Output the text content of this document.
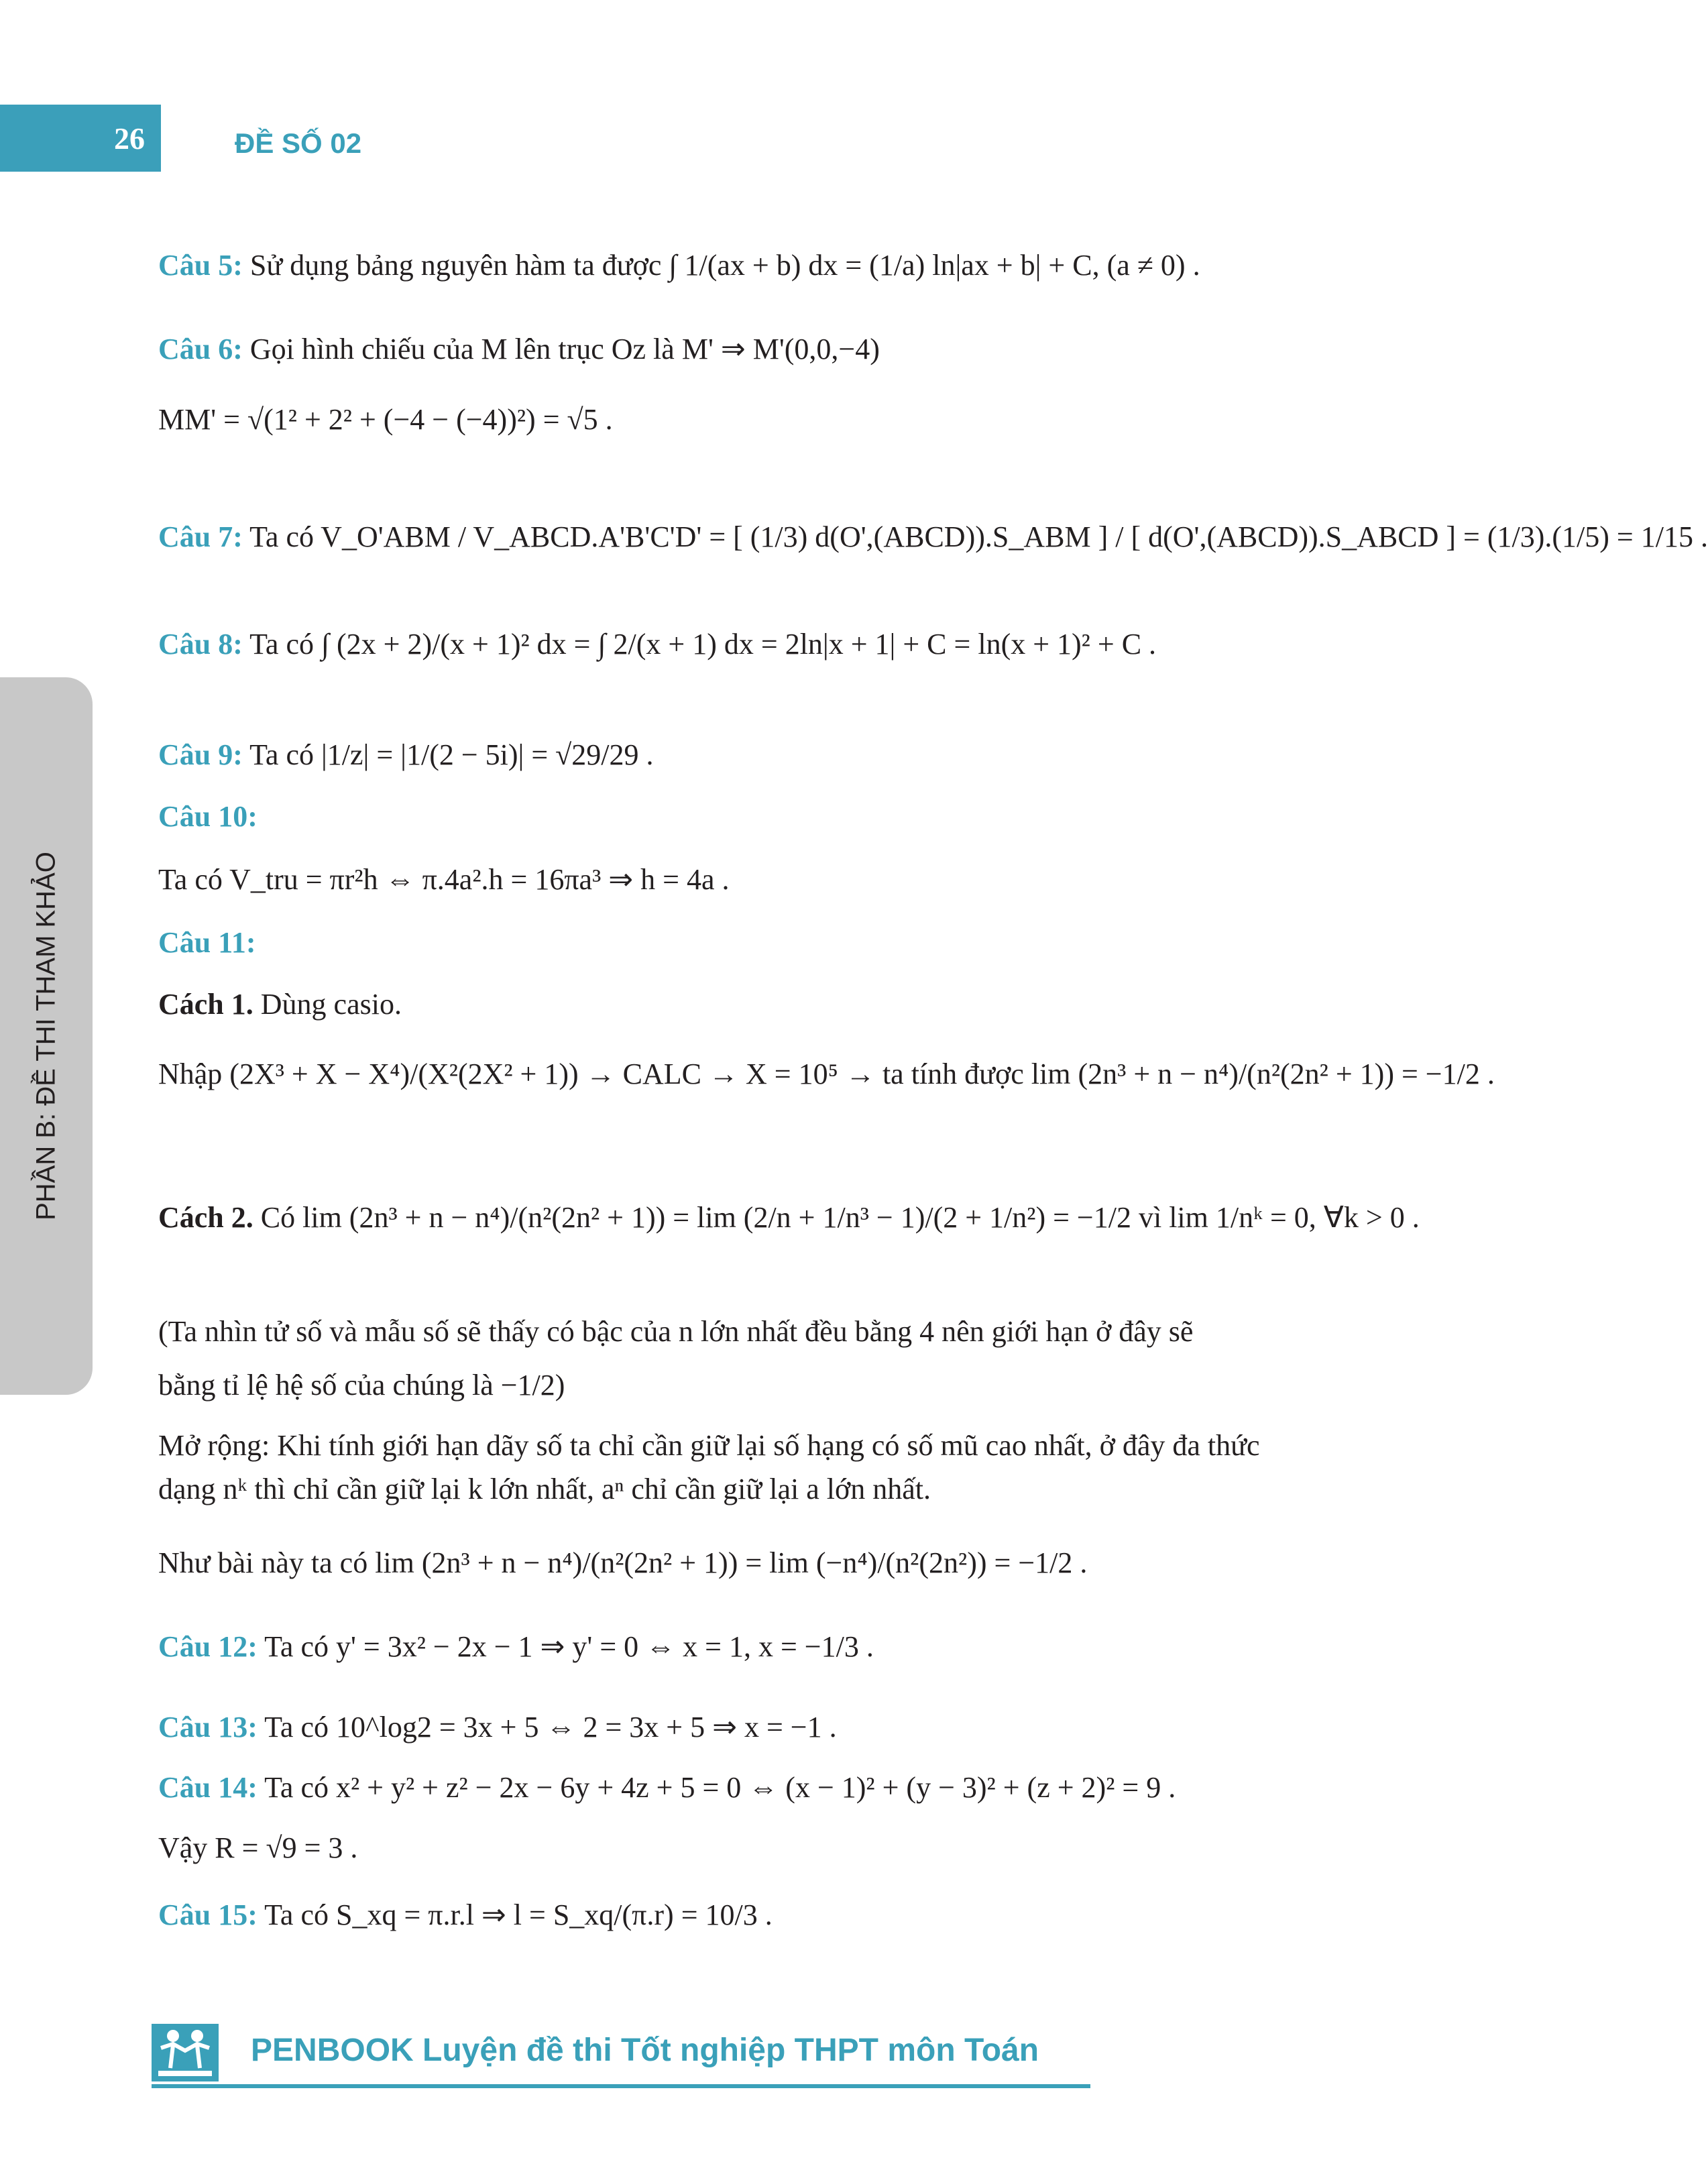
26	ĐỀ SỐ 02
PHẦN B: ĐỀ THI THAM KHẢO
Câu 5: Sử dụng bảng nguyên hàm ta được ∫ 1/(ax + b) dx = (1/a) ln|ax + b| + C, (a ≠ 0) .
Câu 6: Gọi hình chiếu của M lên trục Oz là M' ⇒ M'(0,0,−4)
MM' = √(1² + 2² + (−4 − (−4))²) = √5 .
Câu 7: Ta có V_O'ABM / V_ABCD.A'B'C'D' = [ (1/3) d(O',(ABCD)).S_ABM ] / [ d(O',(ABCD)).S_ABCD ] = (1/3).(1/5) = 1/15 .
Câu 8: Ta có ∫ (2x + 2)/(x + 1)² dx = ∫ 2/(x + 1) dx = 2ln|x + 1| + C = ln(x + 1)² + C .
Câu 9: Ta có |1/z| = |1/(2 − 5i)| = √29/29 .
Câu 10:
Ta có V_tru = πr²h ⇔ π.4a².h = 16πa³ ⇒ h = 4a .
Câu 11:
Cách 1. Dùng casio.
Nhập (2X³ + X − X⁴)/(X²(2X² + 1)) → CALC → X = 10⁵ → ta tính được lim (2n³ + n − n⁴)/(n²(2n² + 1)) = −1/2 .
Cách 2. Có lim (2n³ + n − n⁴)/(n²(2n² + 1)) = lim (2/n + 1/n³ − 1)/(2 + 1/n²) = −1/2 vì lim 1/nᵏ = 0, ∀k > 0 .
(Ta nhìn tử số và mẫu số sẽ thấy có bậc của n lớn nhất đều bằng 4 nên giới hạn ở đây sẽ
bằng tỉ lệ hệ số của chúng là −1/2)
Mở rộng: Khi tính giới hạn dãy số ta chỉ cần giữ lại số hạng có số mũ cao nhất, ở đây đa thức
dạng nᵏ thì chỉ cần giữ lại k lớn nhất, aⁿ chỉ cần giữ lại a lớn nhất.
Như bài này ta có lim (2n³ + n − n⁴)/(n²(2n² + 1)) = lim (−n⁴)/(n²(2n²)) = −1/2 .
Câu 12: Ta có y' = 3x² − 2x − 1 ⇒ y' = 0 ⇔ x = 1, x = −1/3 .
Câu 13: Ta có 10^log2 = 3x + 5 ⇔ 2 = 3x + 5 ⇒ x = −1 .
Câu 14: Ta có x² + y² + z² − 2x − 6y + 4z + 5 = 0 ⇔ (x − 1)² + (y − 3)² + (z + 2)² = 9 .
Vậy R = √9 = 3 .
Câu 15: Ta có S_xq = π.r.l ⇒ l = S_xq/(π.r) = 10/3 .
PENBOOK Luyện đề thi Tốt nghiệp THPT môn Toán
